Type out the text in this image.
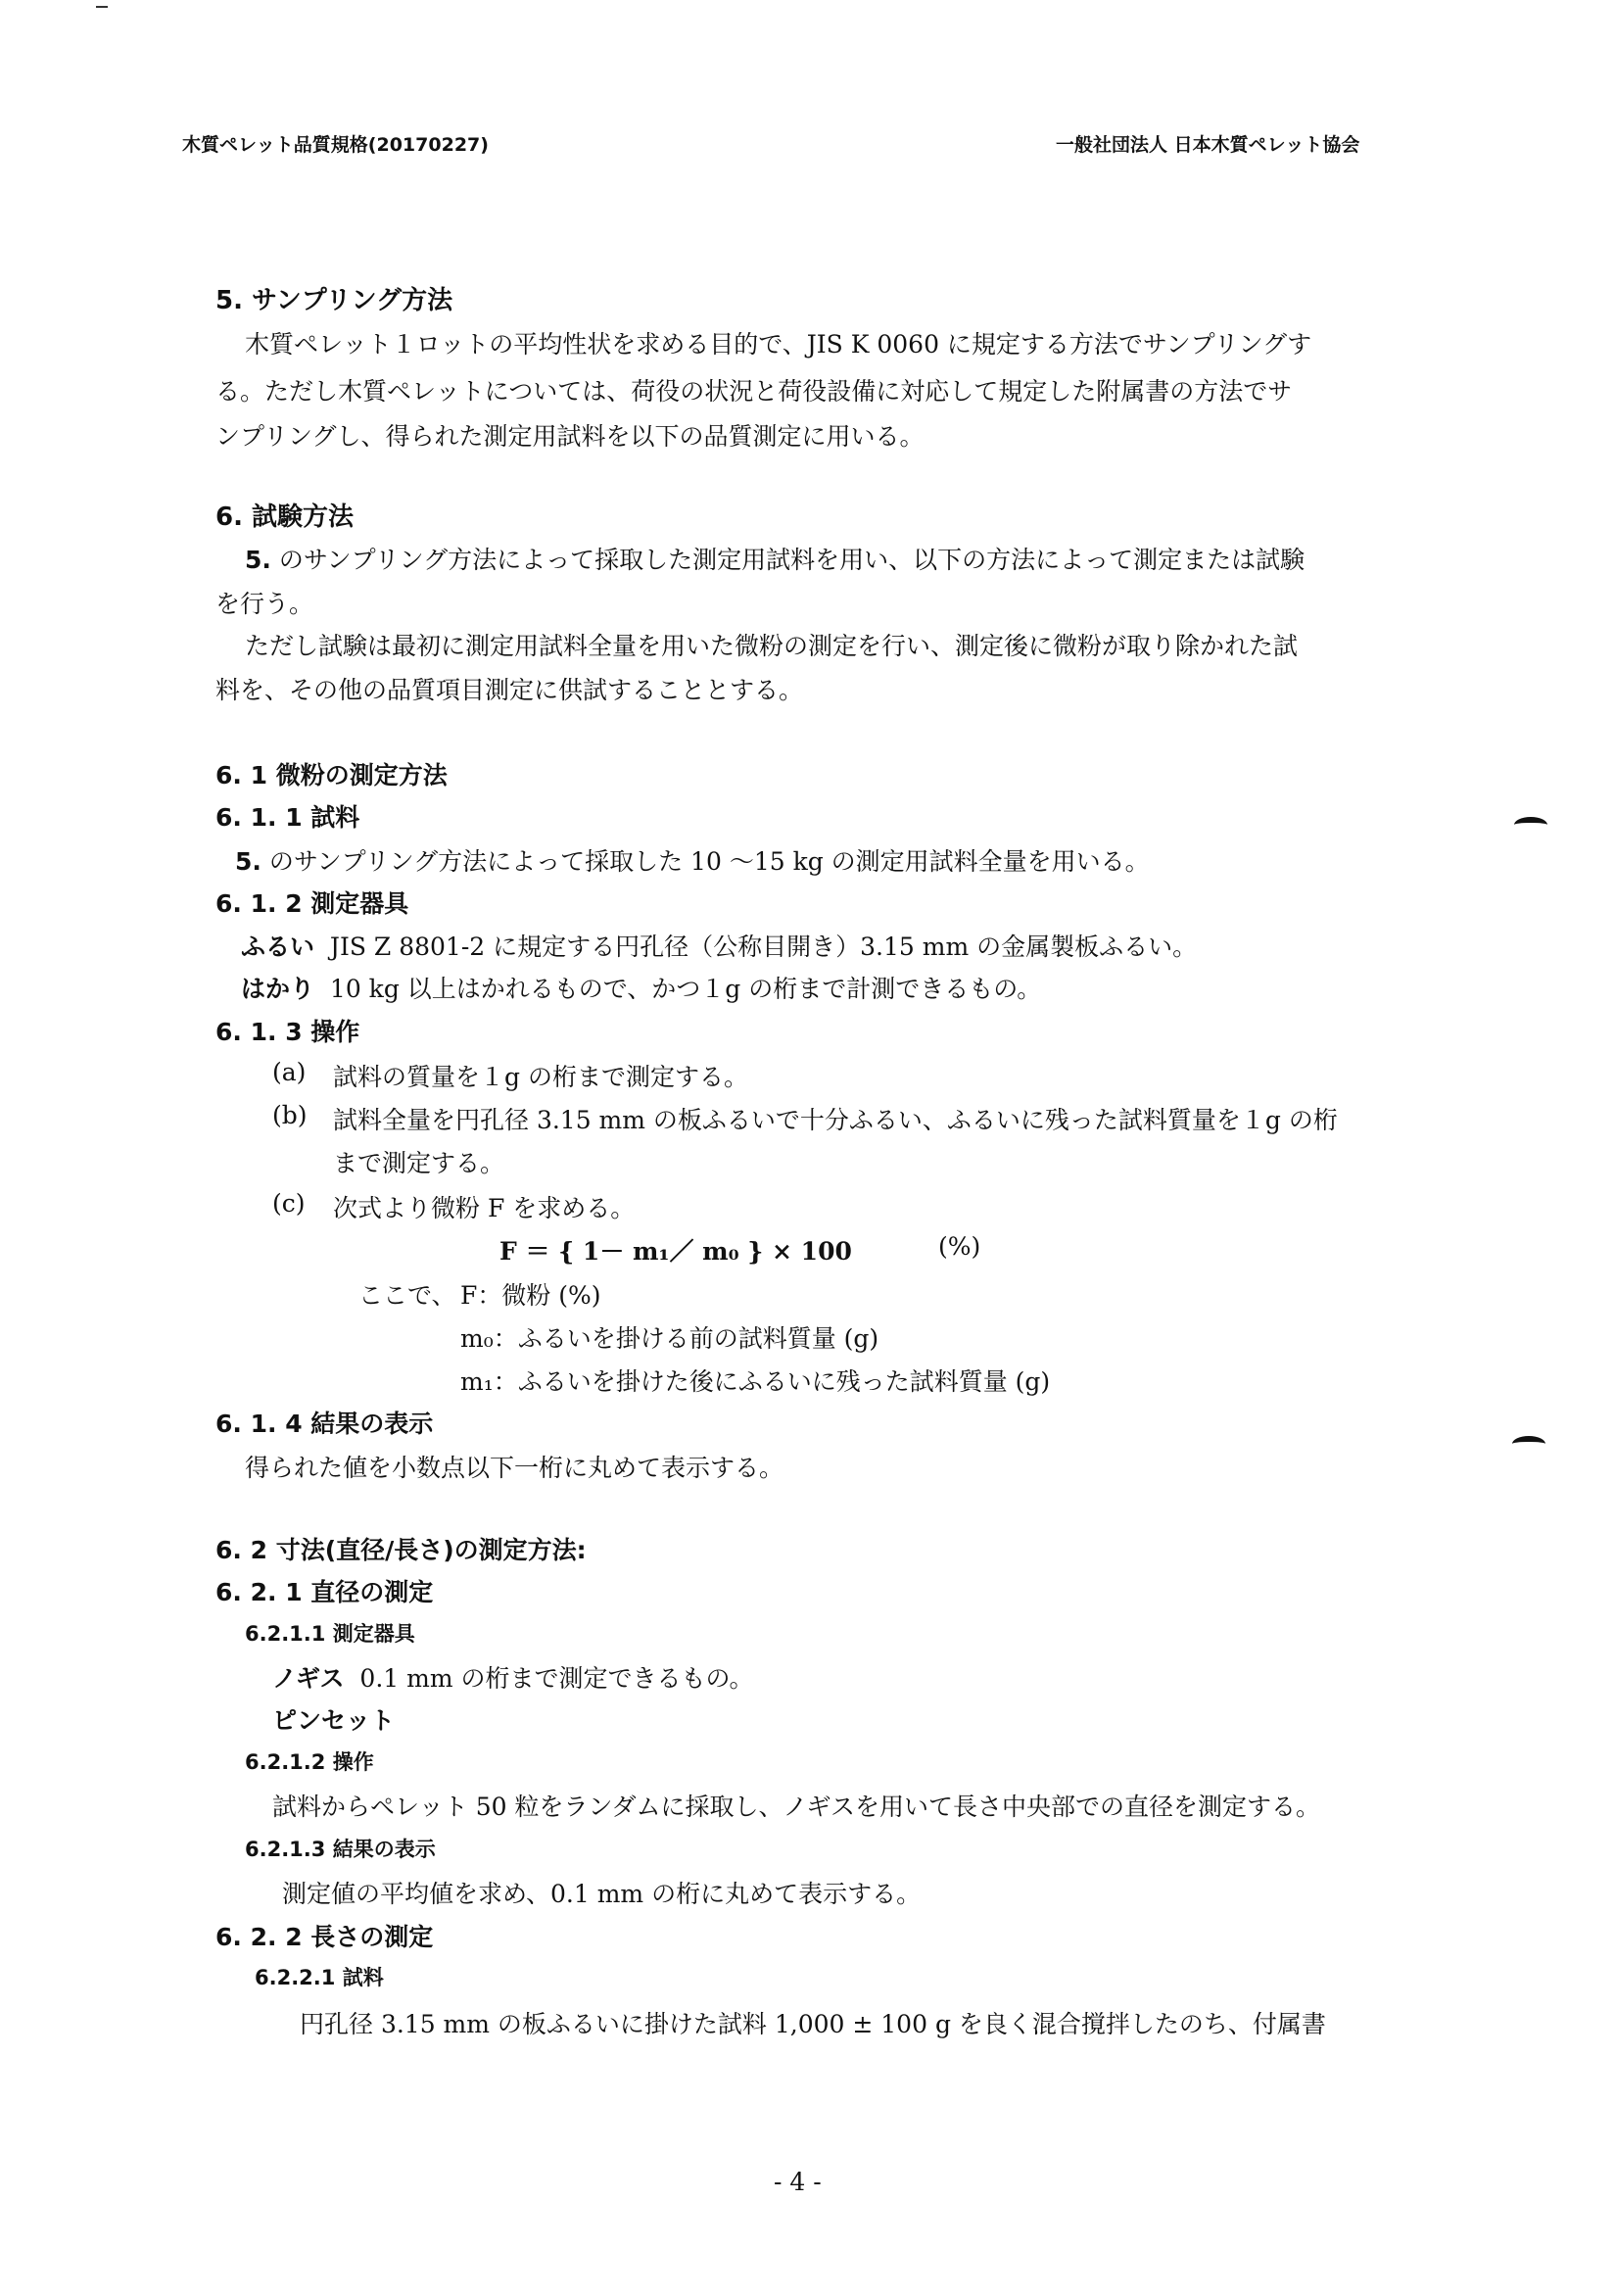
木質ペレット品質規格(20170227)	一般社団法人 日本木質ペレット協会
5. サンプリング方法
木質ペレット１ロットの平均性状を求める目的で、JIS K 0060 に規定する方法でサンプリングす
る。ただし木質ペレットについては、荷役の状況と荷役設備に対応して規定した附属書の方法でサ
ンプリングし、得られた測定用試料を以下の品質測定に用いる。
6. 試験方法
5. のサンプリング方法によって採取した測定用試料を用い、以下の方法によって測定または試験
を行う。
ただし試験は最初に測定用試料全量を用いた微粉の測定を行い、測定後に微粉が取り除かれた試
料を、その他の品質項目測定に供試することとする。
6. 1 微粉の測定方法
6. 1. 1 試料
5. のサンプリング方法によって採取した 10 ～15 kg の測定用試料全量を用いる。
6. 1. 2 測定器具
ふるい JIS Z 8801-2 に規定する円孔径（公称目開き）3.15 mm の金属製板ふるい。
はかり 10 kg 以上はかれるもので、かつ１g の桁まで計測できるもの。
6. 1. 3 操作
(a) 試料の質量を１g の桁まで測定する。
(b) 試料全量を円孔径 3.15 mm の板ふるいで十分ふるい、ふるいに残った試料質量を１g の桁
まで測定する。
(c) 次式より微粉 F を求める。
F ＝ { 1－ m₁／ m₀ } × 100	(%)
ここで、 F：微粉 (%)
m₀：ふるいを掛ける前の試料質量 (g)
m₁：ふるいを掛けた後にふるいに残った試料質量 (g)
6. 1. 4 結果の表示
得られた値を小数点以下一桁に丸めて表示する。
6. 2 寸法(直径/長さ)の測定方法:
6. 2. 1 直径の測定
6.2.1.1 測定器具
ノギス 0.1 mm の桁まで測定できるもの。
ピンセット
6.2.1.2 操作
試料からペレット 50 粒をランダムに採取し、ノギスを用いて長さ中央部での直径を測定する。
6.2.1.3 結果の表示
測定値の平均値を求め、0.1 mm の桁に丸めて表示する。
6. 2. 2 長さの測定
6.2.2.1 試料
円孔径 3.15 mm の板ふるいに掛けた試料 1,000 ± 100 g を良く混合撹拌したのち、付属書
- 4 -
